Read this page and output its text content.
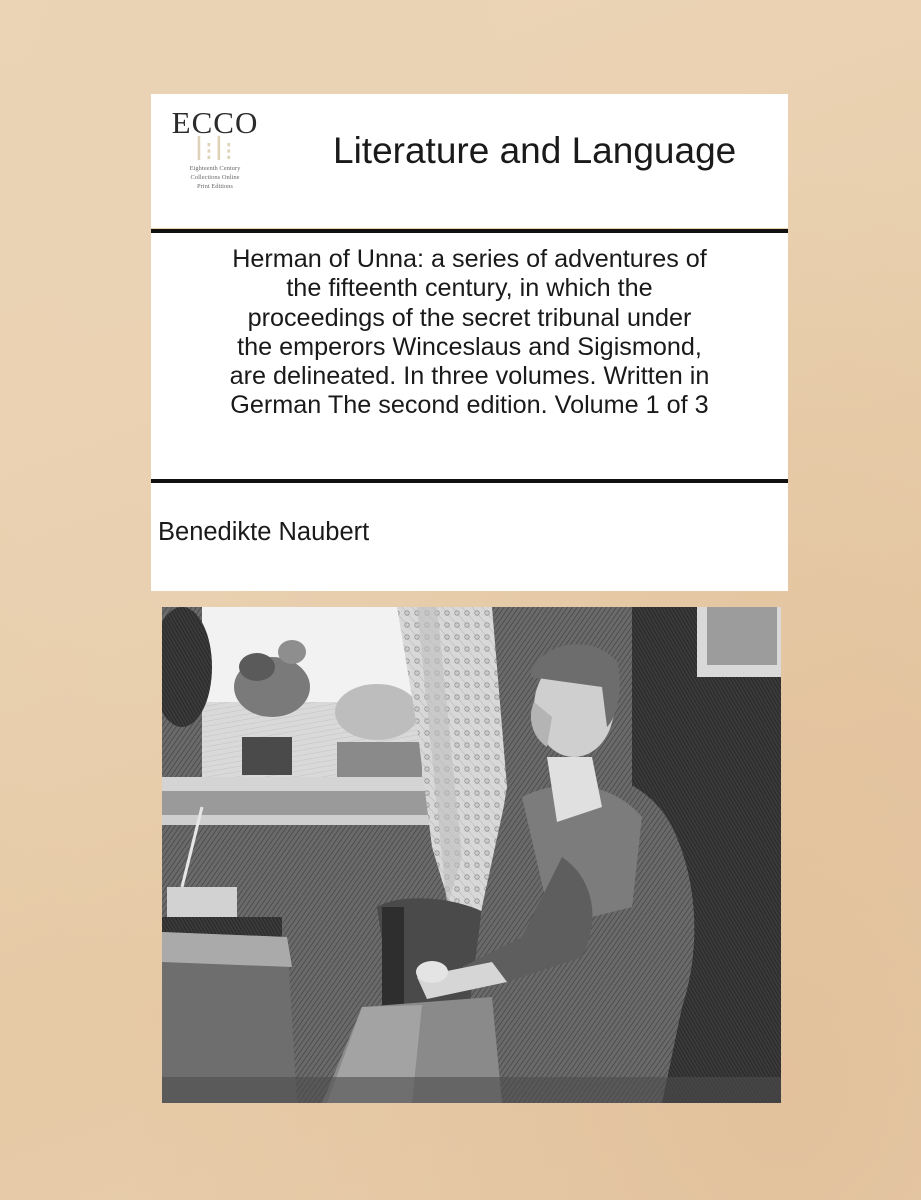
ECCO
ꟾ⁝ꟾ⁝
Eighteenth Century
Collections Online
Print Editions
Literature and Language
Herman of Unna: a series of adventures of
the fifteenth century, in which the
proceedings of the secret tribunal under
the emperors Winceslaus and Sigismond,
are delineated. In three volumes. Written in
German The second edition. Volume 1 of 3
Benedikte Naubert
